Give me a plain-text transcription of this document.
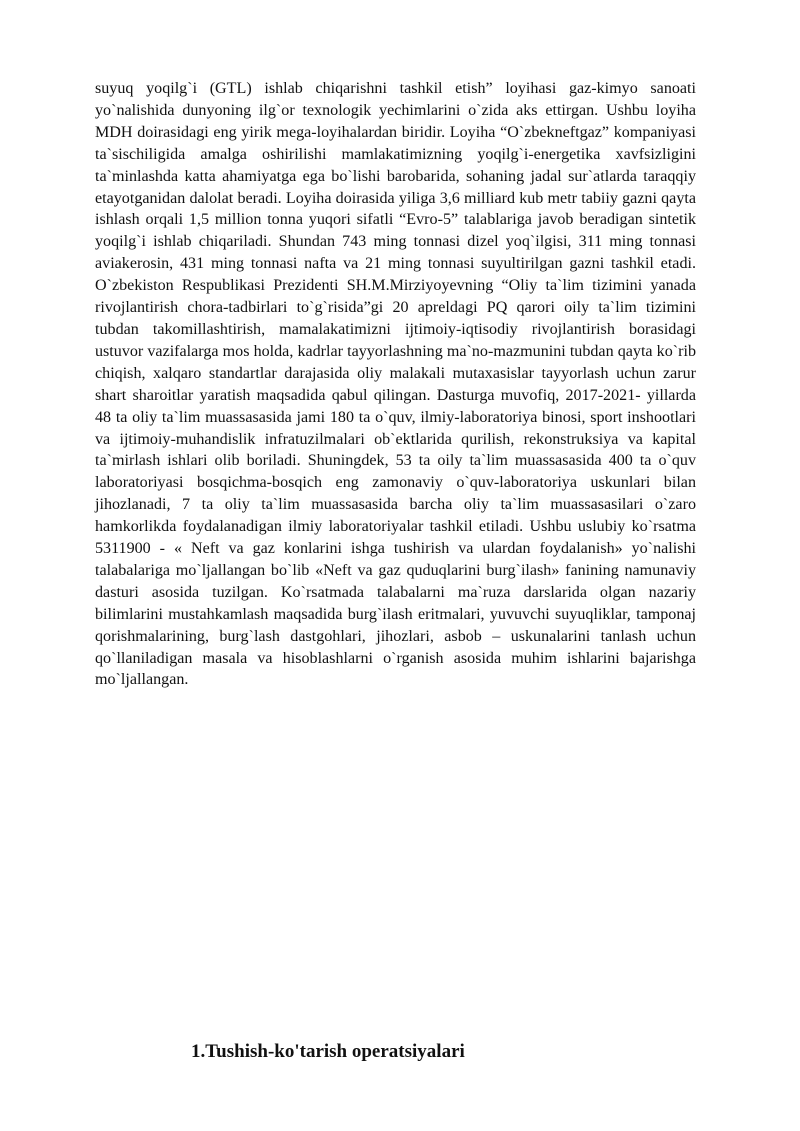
suyuq yoqilg`i (GTL) ishlab chiqarishni tashkil etish” loyihasi gaz-kimyo sanoati yo`nalishida dunyoning ilg`or texnologik yechimlarini o`zida aks ettirgan. Ushbu loyiha MDH doirasidagi eng yirik mega-loyihalardan biridir. Loyiha “O`zbekneftgaz” kompaniyasi ta`sischiligida amalga oshirilishi mamlakatimizning yoqilg`i-energetika xavfsizligini ta`minlashda katta ahamiyatga ega bo`lishi barobarida, sohaning jadal sur`atlarda taraqqiy etayotganidan dalolat beradi. Loyiha doirasida yiliga 3,6 milliard kub metr tabiiy gazni qayta ishlash orqali 1,5 million tonna yuqori sifatli “Evro-5” talablariga javob beradigan sintetik yoqilg`i ishlab chiqariladi. Shundan 743 ming tonnasi dizel yoq`ilgisi, 311 ming tonnasi aviakerosin, 431 ming tonnasi nafta va 21 ming tonnasi suyultirilgan gazni tashkil etadi. O`zbekiston Respublikasi Prezidenti SH.M.Mirziyoyevning “Oliy ta`lim tizimini yanada rivojlantirish chora-tadbirlari to`g`risida”gi 20 apreldagi PQ qarori oily ta`lim tizimini tubdan takomillashtirish, mamalakatimizni ijtimoiy-iqtisodiy rivojlantirish borasidagi ustuvor vazifalarga mos holda, kadrlar tayyorlashning ma`no-mazmunini tubdan qayta ko`rib chiqish, xalqaro standartlar darajasida oliy malakali mutaxasislar tayyorlash uchun zarur shart sharoitlar yaratish maqsadida qabul qilingan. Dasturga muvofiq, 2017-2021- yillarda 48 ta oliy ta`lim muassasasida jami 180 ta o`quv, ilmiy-laboratoriya binosi, sport inshootlari va ijtimoiy-muhandislik infratuzilmalari ob`ektlarida qurilish, rekonstruksiya va kapital ta`mirlash ishlari olib boriladi. Shuningdek, 53 ta oily ta`lim muassasasida 400 ta o`quv laboratoriyasi bosqichma-bosqich eng zamonaviy o`quv-laboratoriya uskunlari bilan jihozlanadi, 7 ta oliy ta`lim muassasasida barcha oliy ta`lim muassasasilari o`zaro hamkorlikda foydalanadigan ilmiy laboratoriyalar tashkil etiladi. Ushbu uslubiy ko`rsatma 5311900 - « Neft va gaz konlarini ishga tushirish va ulardan foydalanish» yo`nalishi talabalariga mo`ljallangan bo`lib «Neft va gaz quduqlarini burg`ilash» fanining namunaviy dasturi asosida tuzilgan. Ko`rsatmada talabalarni ma`ruza darslarida olgan nazariy bilimlarini mustahkamlash maqsadida burg`ilash eritmalari, yuvuvchi suyuqliklar, tamponaj qorishmalarining, burg`lash dastgohlari, jihozlari, asbob – uskunalarini tanlash uchun qo`llaniladigan masala va hisoblashlarni o`rganish asosida muhim ishlarini bajarishga mo`ljallangan.

1.Tushish-ko'tarish operatsiyalari
